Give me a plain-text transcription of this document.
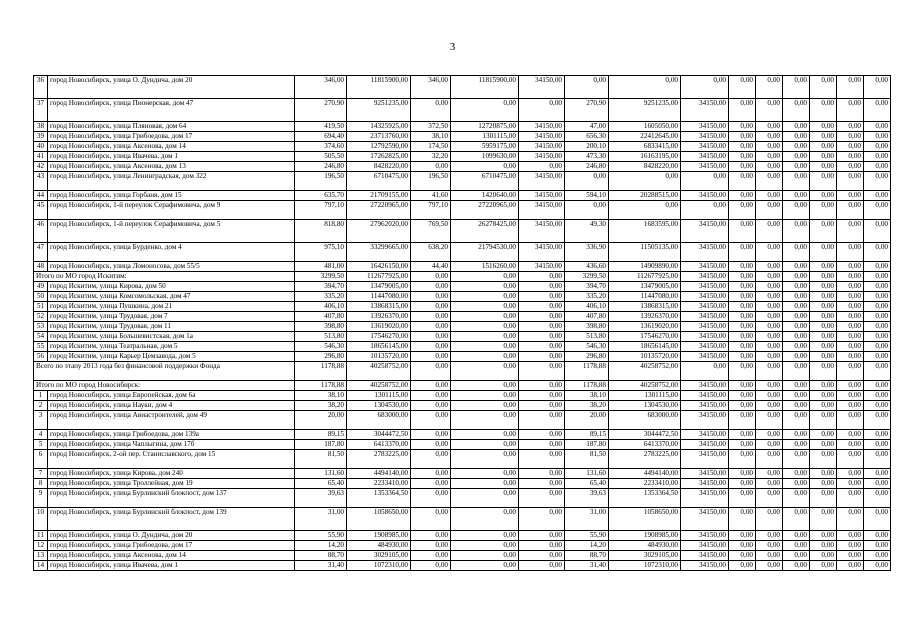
3
36	город Новосибирск, улица О. Дундича, дом 20	346,00	11815900,00	346,00	11815900,00	34150,00	0,00	0,00	0,00	0,00	0,00	0,00	0,00	0,00	0,00
37	город Новосибирск, улица Пионерская, дом 47	270,90	9251235,00	0,00	0,00	0,00	270,90	9251235,00	34150,00	0,00	0,00	0,00	0,00	0,00	0,00
38	город Новосибирск, улица Пляновая, дом 64	419,50	14325925,00	372,50	12720875,00	34150,00	47,00	1605050,00	34150,00	0,00	0,00	0,00	0,00	0,00	0,00
39	город Новосибирск, улица Грибоедова, дом 17	694,40	23713760,00	38,10	1301115,00	34150,00	656,30	22412645,00	34150,00	0,00	0,00	0,00	0,00	0,00	0,00
40	город Новосибирск, улица Аксенова, дом 14	374,60	12792590,00	174,50	5959175,00	34150,00	200,10	6833415,00	34150,00	0,00	0,00	0,00	0,00	0,00	0,00
41	город Новосибирск, улица Ивачева, дом 1	505,50	17262825,00	32,20	1099630,00	34150,00	473,30	16163195,00	34150,00	0,00	0,00	0,00	0,00	0,00	0,00
42	город Новосибирск, улица Аксенова, дом 13	246,80	8428220,00	0,00	0,00	0,00	246,80	8428220,00	34150,00	0,00	0,00	0,00	0,00	0,00	0,00
43	город Новосибирск, улица Ленинградская, дом 322	196,50	6710475,00	196,50	6710475,00	34150,00	0,00	0,00	0,00	0,00	0,00	0,00	0,00	0,00	0,00
44	город Новосибирск, улица Горбаня, дом 15	635,70	21709155,00	41,60	1420640,00	34150,00	594,10	20288515,00	34150,00	0,00	0,00	0,00	0,00	0,00	0,00
45	город Новосибирск, 1-й переулок Серафимовича, дом 9	797,10	27220965,00	797,10	27220965,00	34150,00	0,00	0,00	0,00	0,00	0,00	0,00	0,00	0,00	0,00
46	город Новосибирск, 1-й переулок Серафимовича, дом 5	818,80	27962020,00	769,50	26278425,00	34150,00	49,30	1683595,00	34150,00	0,00	0,00	0,00	0,00	0,00	0,00
47	город Новосибирск, улица Бурденко, дом 4	975,10	33299665,00	638,20	21794530,00	34150,00	336,90	11505135,00	34150,00	0,00	0,00	0,00	0,00	0,00	0,00
48	город Новосибирск, улица Ломоносова, дом 55/5	481,00	16426150,00	44,40	1516260,00	34150,00	436,60	14909890,00	34150,00	0,00	0,00	0,00	0,00	0,00	0,00
Итого по МО город Искитим:		3299,50	112677925,00	0,00	0,00	0,00	3299,50	112677925,00	34150,00	0,00	0,00	0,00	0,00	0,00	0,00
49	город Искитим, улица Кирова, дом 50	394,70	13479005,00	0,00	0,00	0,00	394,70	13479005,00	34150,00	0,00	0,00	0,00	0,00	0,00	0,00
50	город Искитим, улица Комсомольская, дом 47	335,20	11447080,00	0,00	0,00	0,00	335,20	11447080,00	34150,00	0,00	0,00	0,00	0,00	0,00	0,00
51	город Искитим, улица Пушкина, дом 21	406,10	13868315,00	0,00	0,00	0,00	406,10	13868315,00	34150,00	0,00	0,00	0,00	0,00	0,00	0,00
52	город Искитим, улица Трудовая, дом 7	407,80	13926370,00	0,00	0,00	0,00	407,80	13926370,00	34150,00	0,00	0,00	0,00	0,00	0,00	0,00
53	город Искитим, улица Трудовая, дом 11	398,80	13619020,00	0,00	0,00	0,00	398,80	13619020,00	34150,00	0,00	0,00	0,00	0,00	0,00	0,00
54	город Искитим, улица Большевистская, дом 1а	513,80	17546270,00	0,00	0,00	0,00	513,80	17546270,00	34150,00	0,00	0,00	0,00	0,00	0,00	0,00
55	город Искитим, улица Театральная, дом 5	546,30	18656145,00	0,00	0,00	0,00	546,30	18656145,00	34150,00	0,00	0,00	0,00	0,00	0,00	0,00
56	город Искитим, улица Карьер Цемзавода, дом 5	296,80	10135720,00	0,00	0,00	0,00	296,80	10135720,00	34150,00	0,00	0,00	0,00	0,00	0,00	0,00
Всего по этапу 2013 года без финансовой поддержки Фонда		1178,88	40258752,00	0,00	0,00	0,00	1178,88	40258752,00	0,00	0,00	0,00	0,00	0,00	0,00	0,00
Итого по МО город Новосибирск:		1178,88	40258752,00	0,00	0,00	0,00	1178,88	40258752,00	34150,00	0,00	0,00	0,00	0,00	0,00	0,00
1	город Новосибирск, улица Европейская, дом 6а	38,10	1301115,00	0,00	0,00	0,00	38,10	1301115,00	34150,00	0,00	0,00	0,00	0,00	0,00	0,00
2	город Новосибирск, улица Науки, дом 4	38,20	1304530,00	0,00	0,00	0,00	38,20	1304530,00	34150,00	0,00	0,00	0,00	0,00	0,00	0,00
3	город Новосибирск, улица Авиастроителей, дом 49	20,00	683000,00	0,00	0,00	0,00	20,00	683000,00	34150,00	0,00	0,00	0,00	0,00	0,00	0,00
4	город Новосибирск, улица Грибоедова, дом 139а	89,15	3044472,50	0,00	0,00	0,00	89,15	3044472,50	34150,00	0,00	0,00	0,00	0,00	0,00	0,00
5	город Новосибирск, улица Чаплыгина, дом 17б	187,80	6413370,00	0,00	0,00	0,00	187,80	6413370,00	34150,00	0,00	0,00	0,00	0,00	0,00	0,00
6	город Новосибирск, 2-ой пер. Станиславского, дом 15	81,50	2783225,00	0,00	0,00	0,00	81,50	2783225,00	34150,00	0,00	0,00	0,00	0,00	0,00	0,00
7	город Новосибирск, улица Кирова, дом 240	131,60	4494140,00	0,00	0,00	0,00	131,60	4494140,00	34150,00	0,00	0,00	0,00	0,00	0,00	0,00
8	город Новосибирск, улица Троллейная, дом 19	65,40	2233410,00	0,00	0,00	0,00	65,40	2233410,00	34150,00	0,00	0,00	0,00	0,00	0,00	0,00
9	город Новосибирск, улица Бурлинский блокпост, дом 137	39,63	1353364,50	0,00	0,00	0,00	39,63	1353364,50	34150,00	0,00	0,00	0,00	0,00	0,00	0,00
10	город Новосибирск, улица Бурлинский блокпост, дом 139	31,00	1058650,00	0,00	0,00	0,00	31,00	1058650,00	34150,00	0,00	0,00	0,00	0,00	0,00	0,00
11	город Новосибирск, улица О. Дундича, дом 20	55,90	1908985,00	0,00	0,00	0,00	55,90	1908985,00	34150,00	0,00	0,00	0,00	0,00	0,00	0,00
12	город Новосибирск, улица Грибоедова, дом 17	14,20	484930,00	0,00	0,00	0,00	14,20	484930,00	34150,00	0,00	0,00	0,00	0,00	0,00	0,00
13	город Новосибирск, улица Аксенова, дом 14	88,70	3029105,00	0,00	0,00	0,00	88,70	3029105,00	34150,00	0,00	0,00	0,00	0,00	0,00	0,00
14	город Новосибирск, улица Ивачева, дом 1	31,40	1072310,00	0,00	0,00	0,00	31,40	1072310,00	34150,00	0,00	0,00	0,00	0,00	0,00	0,00
